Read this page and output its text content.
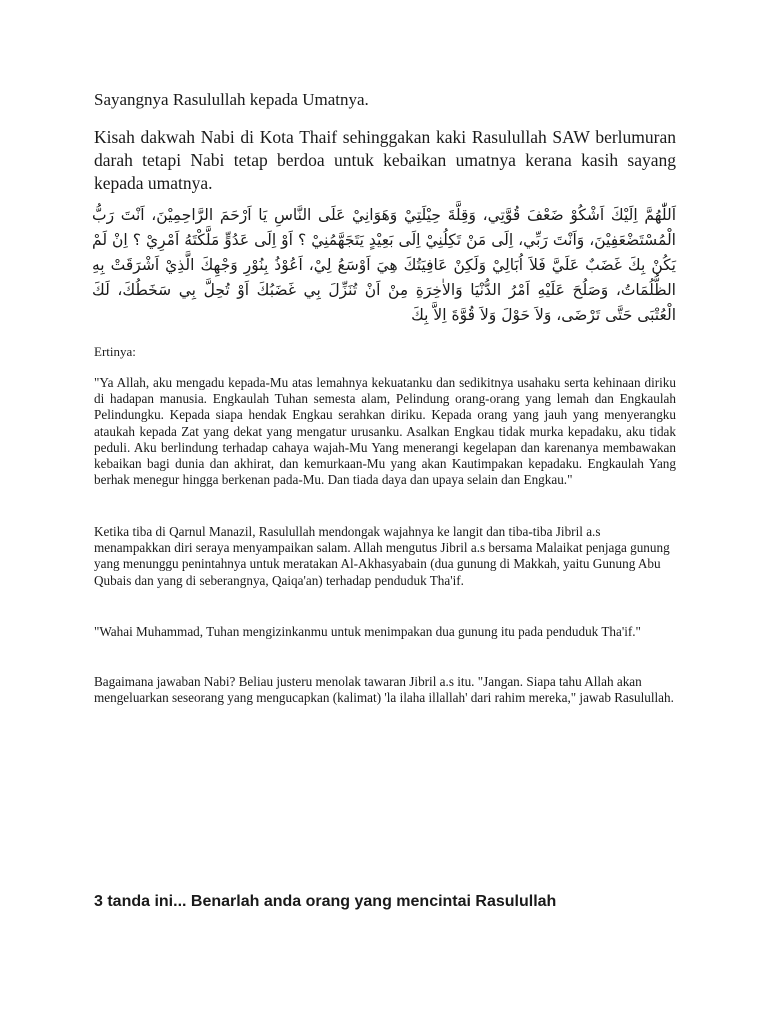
Sayangnya Rasulullah kepada Umatnya.
Kisah dakwah Nabi di Kota Thaif sehinggakan kaki Rasulullah SAW berlumuran darah tetapi Nabi tetap berdoa untuk kebaikan umatnya kerana kasih sayang kepada umatnya.
اَللّٰهُمَّ اِلَيْكَ اَشْكُوْ ضَعْفَ قُوَّتِي، وَقِلَّةَ حِيْلَتِيْ وَهَوَانِيْ عَلَى النَّاسِ يَا اَرْحَمَ الرَّاحِمِيْنَ، اَنْتَ رَبُّ الْمُسْتَضْعَفِيْنَ، وَاَنْتَ رَبِّي، اِلَى مَنْ تَكِلُنِيْ اِلَى بَعِيْدٍ يَتَجَهَّمُنِيْ ؟ اَوْ اِلَى عَدُوٍّ مَلَّكْتَهُ اَمْرِيْ ؟ اِنْ لَمْ يَكُنْ بِكَ غَضَبٌ عَلَيَّ فَلاَ اُبَالِيْ وَلَكِنْ عَافِيَتُكَ هِيَ اَوْسَعُ لِيْ، اَعُوْذُ بِنُوْرِ وَجْهِكَ الَّذِيْ اَشْرَقَتْ بِهِ الظُّلُمَاتُ، وَصَلُحَ عَلَيْهِ اَمْرُ الدُّنْيَا وَالاٰخِرَةِ مِنْ اَنْ تُنَزِّلَ بِي غَضَبُكَ اَوْ تُحِلَّ بِي سَخَطُكَ، لَكَ الْعُتْبَى حَتَّى تَرْضَى، وَلاَ حَوْلَ وَلاَ قُوَّةَ اِلاَّ بِكَ
Ertinya:
"Ya Allah, aku mengadu kepada-Mu atas lemahnya kekuatanku dan sedikitnya usahaku serta kehinaan diriku di hadapan manusia. Engkaulah Tuhan semesta alam, Pelindung orang-orang yang lemah dan Engkaulah Pelindungku. Kepada siapa hendak Engkau serahkan diriku. Kepada orang yang jauh yang menyerangku ataukah kepada Zat yang dekat yang mengatur urusanku. Asalkan Engkau tidak murka kepadaku, aku tidak peduli. Aku berlindung terhadap cahaya wajah-Mu Yang menerangi kegelapan dan karenanya membawakan kebaikan bagi dunia dan akhirat, dan kemurkaan-Mu yang akan Kautimpakan kepadaku. Engkaulah Yang berhak menegur hingga berkenan pada-Mu. Dan tiada daya dan upaya selain dan Engkau."
Ketika tiba di Qarnul Manazil, Rasulullah mendongak wajahnya ke langit dan tiba-tiba Jibril a.s menampakkan diri seraya menyampaikan salam. Allah mengutus Jibril a.s bersama Malaikat penjaga gunung yang menunggu penintahnya untuk meratakan Al-Akhasyabain (dua gunung di Makkah, yaitu Gunung Abu Qubais dan yang di seberangnya, Qaiqa'an) terhadap penduduk Tha'if.
"Wahai Muhammad, Tuhan mengizinkanmu untuk menimpakan dua gunung itu pada penduduk Tha'if."
Bagaimana jawaban Nabi? Beliau justeru menolak tawaran Jibril a.s itu. "Jangan. Siapa tahu Allah akan mengeluarkan seseorang yang mengucapkan (kalimat) 'la ilaha illallah' dari rahim mereka," jawab Rasulullah.
3 tanda ini... Benarlah anda orang yang mencintai Rasulullah
